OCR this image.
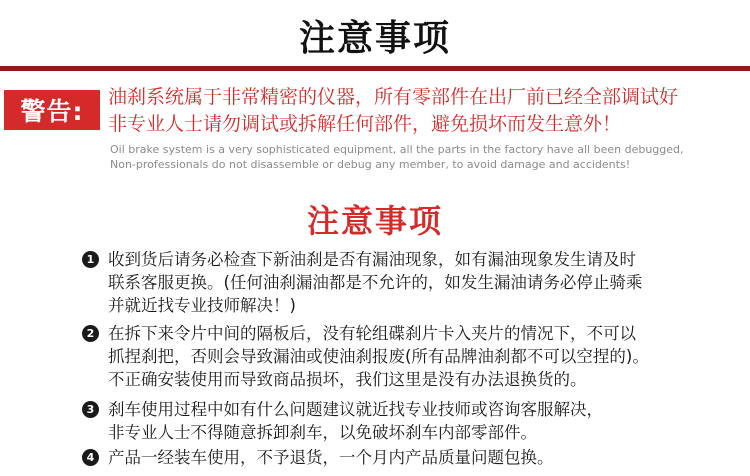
注意事项
警告:	油刹系统属于非常精密的仪器，所有零部件在出厂前已经全部调试好
非专业人士请勿调试或拆解任何部件，避免损坏而发生意外！
Oil brake system is a very sophisticated equipment, all the parts in the factory have all been debugged,
Non-professionals do not disassemble or debug any member, to avoid damage and accidents!
注意事项
1 收到货后请务必检查下新油刹是否有漏油现象，如有漏油现象发生请及时
联系客服更换。(任何油刹漏油都是不允许的，如发生漏油请务必停止骑乘
并就近找专业技师解决！)
2 在拆下来令片中间的隔板后，没有轮组碟刹片卡入夹片的情况下，不可以
抓捏刹把，否则会导致漏油或使油刹报废(所有品牌油刹都不可以空捏的)。
不正确安装使用而导致商品损坏，我们这里是没有办法退换货的。
3 刹车使用过程中如有什么问题建议就近找专业技师或咨询客服解决，
非专业人士不得随意拆卸刹车，以免破坏刹车内部零部件。
4 产品一经装车使用，不予退货，一个月内产品质量问题包换。
